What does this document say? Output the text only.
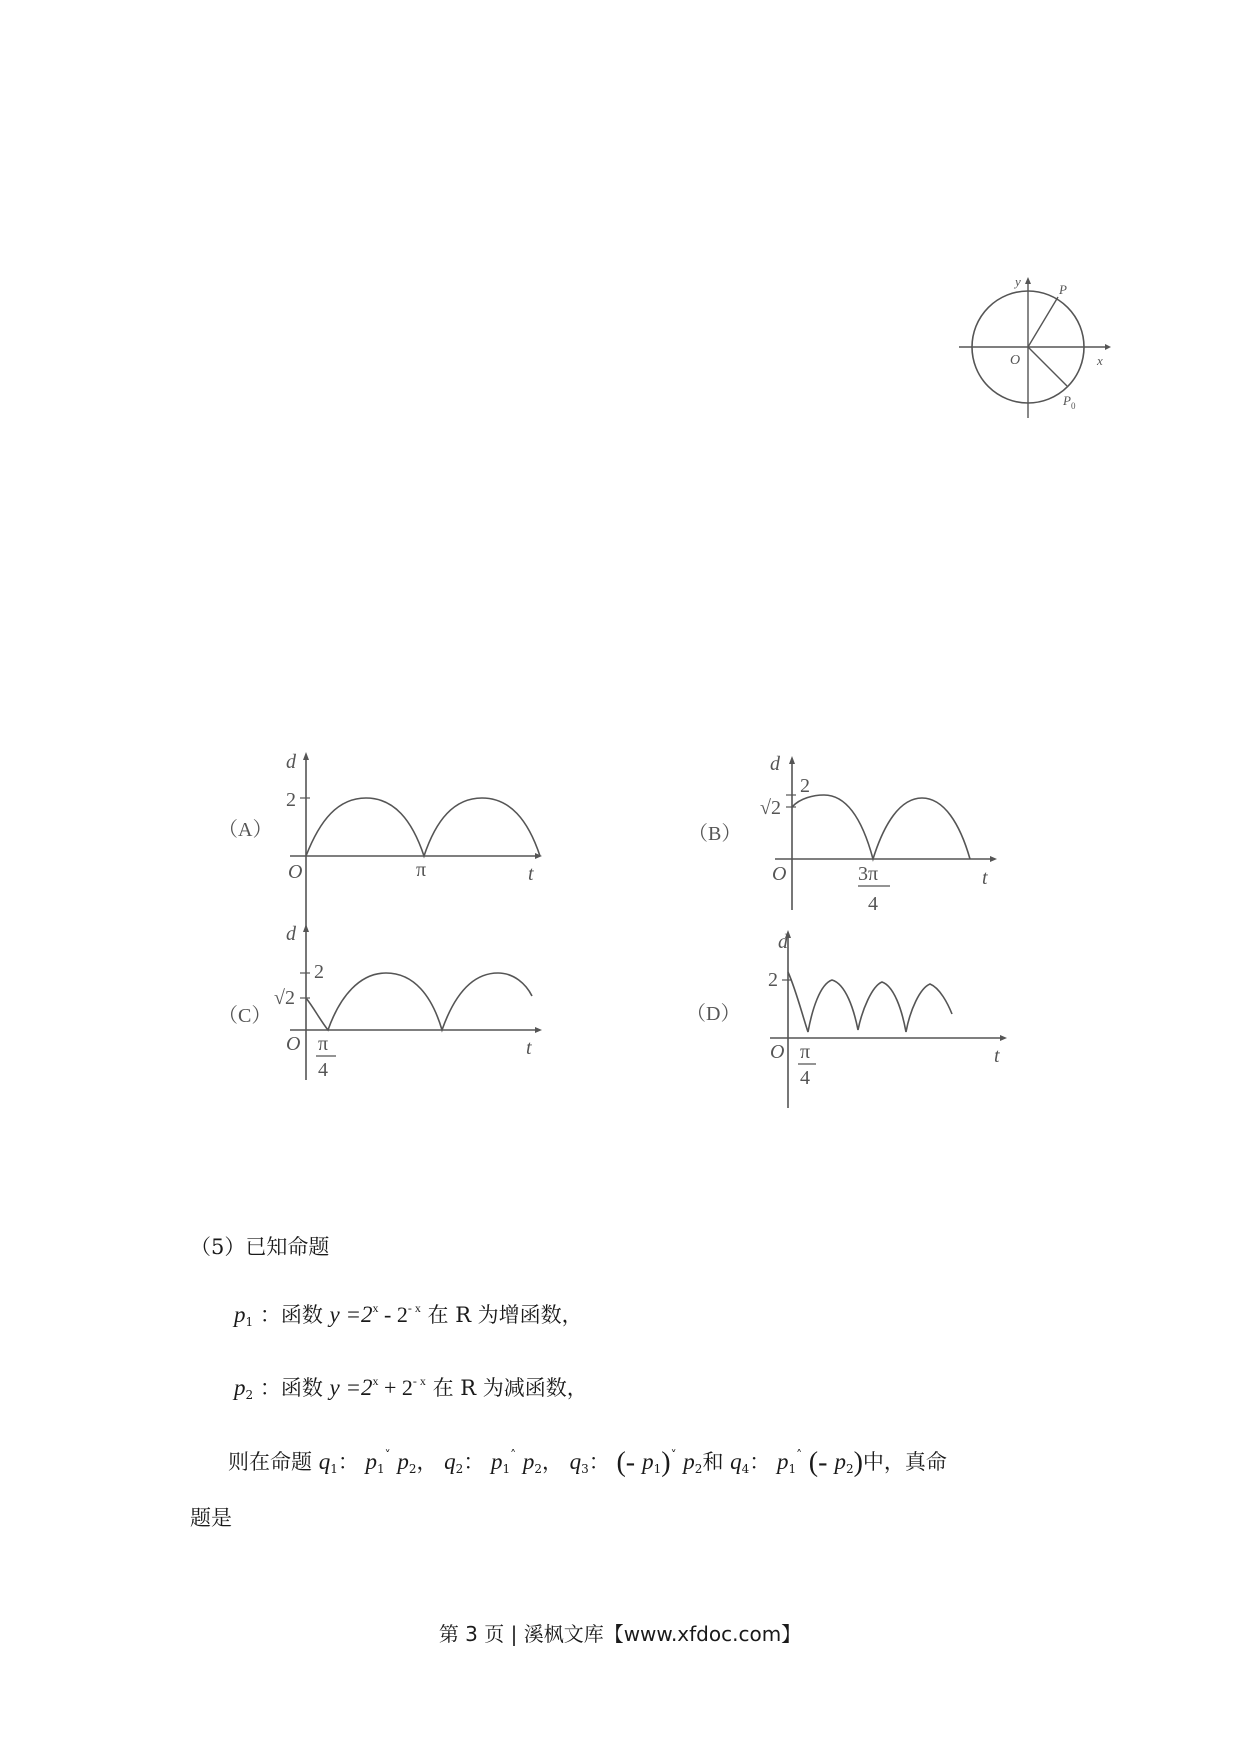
y
P
O	x
P 0
（A）
d
2
O	π	t
（B）
d
2
√2
O	3π
4
t
（C）
d
2
√2
O π
4
t
（D）
d
2
O π
4
t
（5）已知命题
$p_1$ ：函数 $y =2^x - 2^{- x}$ 在 R 为增函数，
$p_2$ ：函数 $y =2^x + 2^{- x}$ 在 R 为减函数，
则在命题 $q_1$： $p_1^˅$ $p_2$， $q_2$： $p_1^˄$ $p_2$， $q_3$： (- $p_1)^˅$ $p_2$和 $q_4$： $p_1^˄$ (- $p_2$)中，真命
题是
第 3 页 | 溪枫文库【www.xfdoc.com】
